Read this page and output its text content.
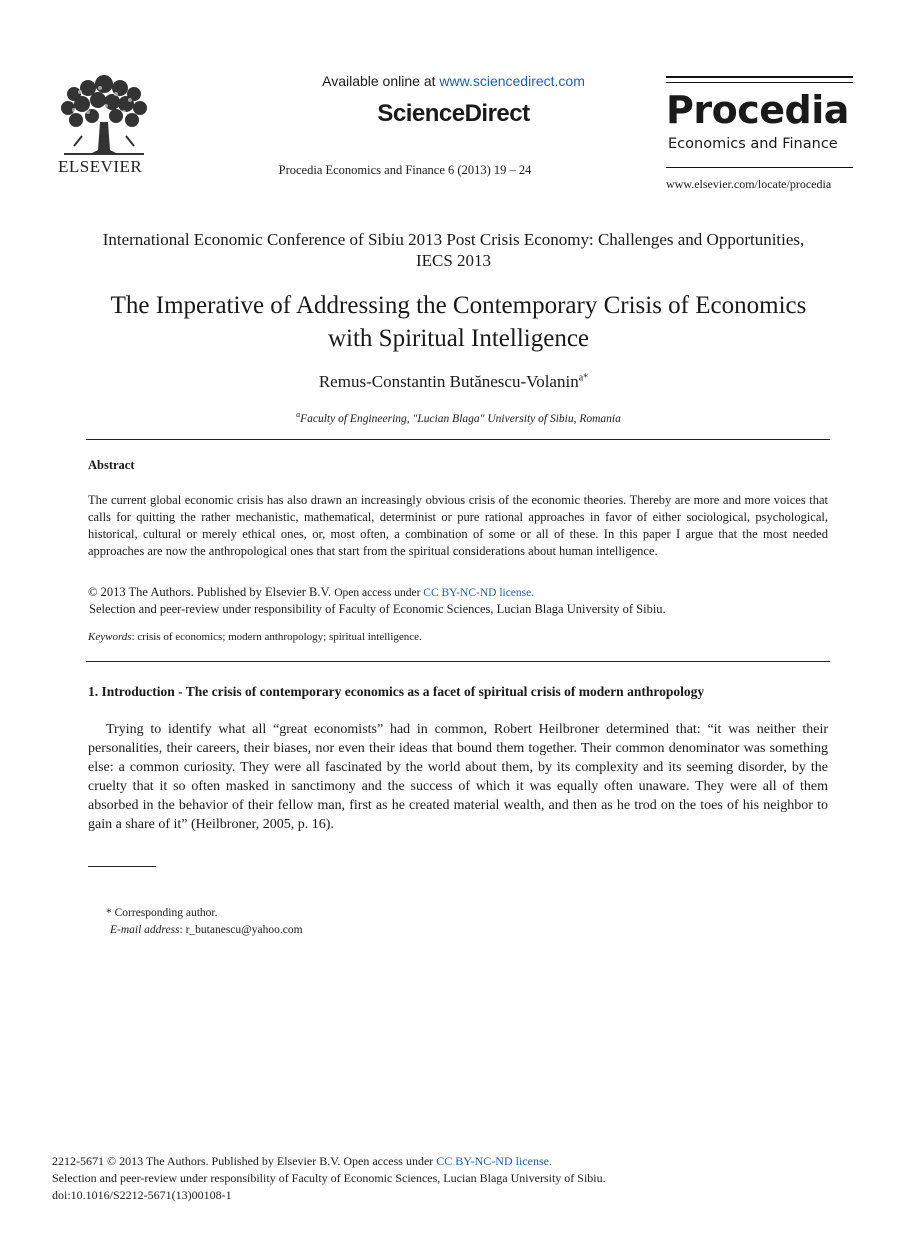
ELSEVIER
Available online at www.sciencedirect.com
ScienceDirect
Procedia Economics and Finance 6 (2013) 19 – 24
Procedia
Economics and Finance
www.elsevier.com/locate/procedia
International Economic Conference of Sibiu 2013 Post Crisis Economy: Challenges and Opportunities, IECS 2013
The Imperative of Addressing the Contemporary Crisis of Economics with Spiritual Intelligence
Remus-Constantin Butănescu-Volanin$^{a*}$
$^a$Faculty of Engineering, "Lucian Blaga" University of Sibiu, Romania
Abstract
The current global economic crisis has also drawn an increasingly obvious crisis of the economic theories. Thereby are more and more voices that calls for quitting the rather mechanistic, mathematical, determinist or pure rational approaches in favor of either sociological, psychological, historical, cultural or merely ethical ones, or, most often, a combination of some or all of these. In this paper I argue that the most needed approaches are now the anthropological ones that start from the spiritual considerations about human intelligence.
© 2013 The Authors. Published by Elsevier B.V. Open access under CC BY-NC-ND license.
Selection and peer-review under responsibility of Faculty of Economic Sciences, Lucian Blaga University of Sibiu.
Keywords: crisis of economics; modern anthropology; spiritual intelligence.
1. Introduction - The crisis of contemporary economics as a facet of spiritual crisis of modern anthropology
Trying to identify what all “great economists” had in common, Robert Heilbroner determined that: “it was neither their personalities, their careers, their biases, nor even their ideas that bound them together. Their common denominator was something else: a common curiosity. They were all fascinated by the world about them, by its complexity and its seeming disorder, by the cruelty that it so often masked in sanctimony and the success of which it was equally often unaware. They were all of them absorbed in the behavior of their fellow man, first as he created material wealth, and then as he trod on the toes of his neighbor to gain a share of it” (Heilbroner, 2005, p. 16).
* Corresponding author.
E-mail address: r_butanescu@yahoo.com
2212-5671 © 2013 The Authors. Published by Elsevier B.V. Open access under CC BY-NC-ND license.
Selection and peer-review under responsibility of Faculty of Economic Sciences, Lucian Blaga University of Sibiu.
doi:10.1016/S2212-5671(13)00108-1
